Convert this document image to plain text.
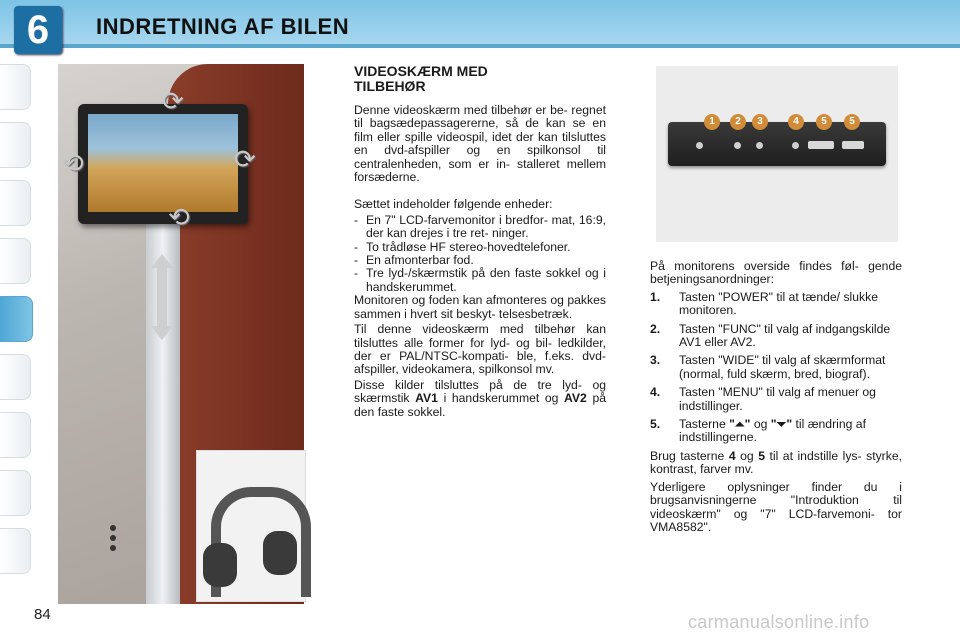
6	INDRETNING AF BILEN
⟳
⟲	⟳
⟲
VIDEOSKÆRM MED
TILBEHØR

Denne videoskærm med tilbehør er be- regnet til bagsædepassagererne, så de kan se en film eller spille videospil, idet der kan tilsluttes en dvd-afspiller og en spilkonsol til centralenheden, som er in- stalleret mellem forsæderne.

Sættet indeholder følgende enheder:

- En 7" LCD-farvemonitor i bredfor- mat, 16:9, der kan drejes i tre ret- ninger.
- To trådløse HF stereo-hovedtelefoner.
- En afmonterbar fod.
- Tre lyd-/skærmstik på den faste sokkel og i handskerummet.

Monitoren og foden kan afmonteres og pakkes sammen i hvert sit beskyt- telsesbetræk.

Til denne videoskærm med tilbehør kan tilsluttes alle former for lyd- og bil- ledkilder, der er PAL/NTSC-kompati- ble, f.eks. dvd-afspiller, videokamera, spilkonsol mv.

Disse kilder tilsluttes på de tre lyd- og skærmstik AV1 i handskerummet og AV2 på den faste sokkel.

1	2	3	4	5	5

På monitorens overside findes føl- gende betjeningsanordninger:

1.	Tasten "POWER" til at tænde/ slukke monitoren.
2.	Tasten "FUNC" til valg af indgangskilde AV1 eller AV2.
3.	Tasten "WIDE" til valg af skærmformat (normal, fuld skærm, bred, biograf).
4.	Tasten "MENU" til valg af menuer og indstillinger.
5.	Tasterne "⏶" og "⏷" til ændring af indstillingerne.

Brug tasterne 4 og 5 til at indstille lys- styrke, kontrast, farver mv.

Yderligere oplysninger finder du i brugsanvisningerne "Introduktion til videoskærm" og "7" LCD-farvemoni- tor VMA8582".

84	carmanualsonline.info
